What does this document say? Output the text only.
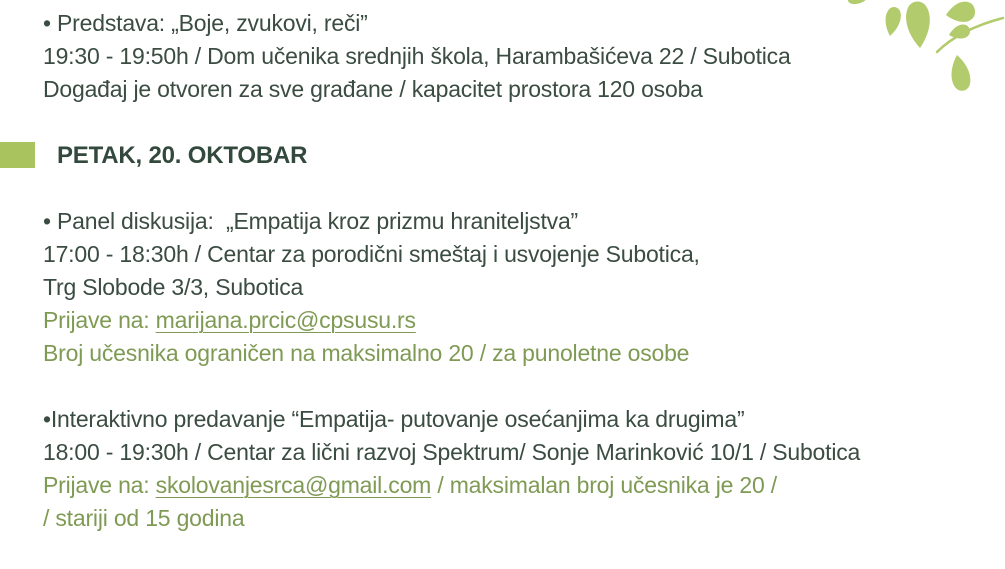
• Predstava: „Boje, zvukovi, reči”
19:30 - 19:50h / Dom učenika srednjih škola, Harambašićeva 22 / Subotica
Događaj je otvoren za sve građane / kapacitet prostora 120 osoba
PETAK, 20. OKTOBAR
• Panel diskusija:  „Empatija kroz prizmu hraniteljstva”
17:00 - 18:30h / Centar za porodični smeštaj i usvojenje Subotica,
Trg Slobode 3/3, Subotica
Prijave na: marijana.prcic@cpsusu.rs
Broj učesnika ograničen na maksimalno 20 / za punoletne osobe
•Interaktivno predavanje “Empatija- putovanje osećanjima ka drugima”
18:00 - 19:30h / Centar za lični razvoj Spektrum/ Sonje Marinković 10/1 / Subotica
Prijave na: skolovanjesrca@gmail.com / maksimalan broj učesnika je 20 /
/ stariji od 15 godina
